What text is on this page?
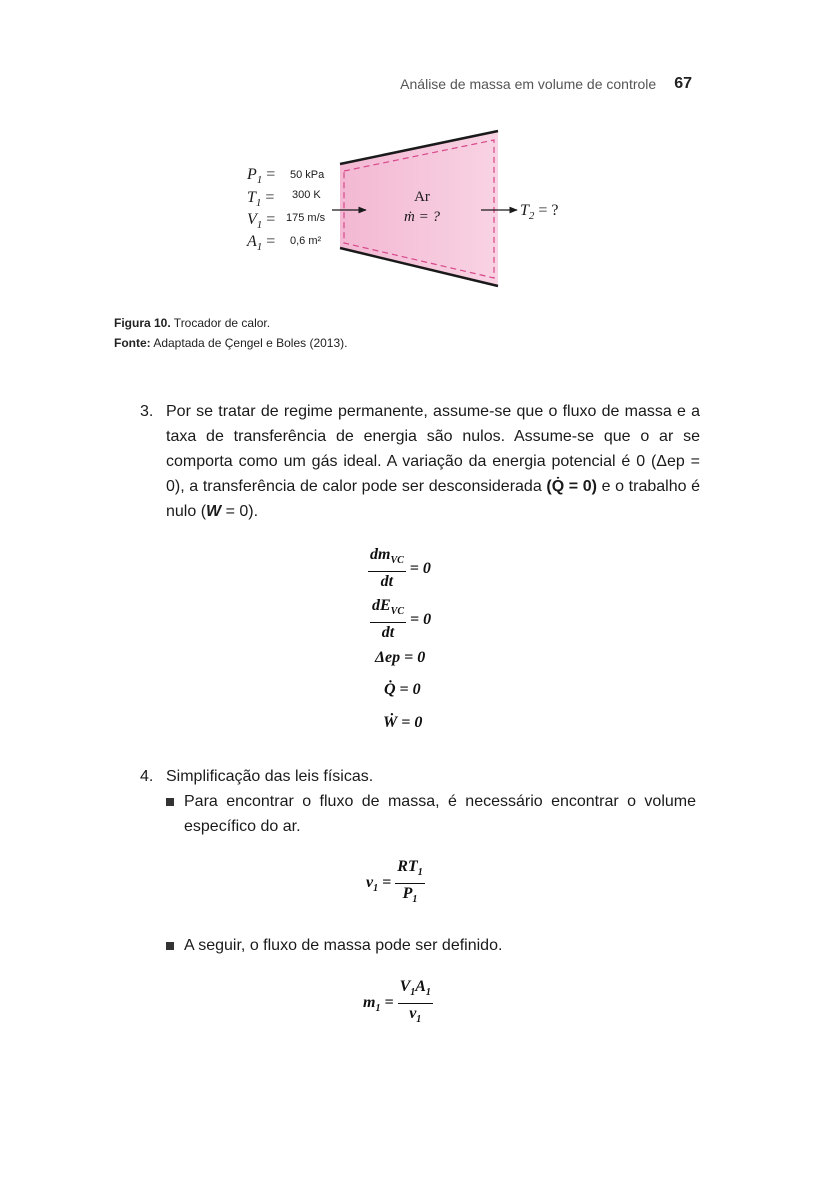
Análise de massa em volume de controle 67
$P_1 = 50$ kPa
$T_1 = 300$ K
$V_1 = 175$ m/s
$A_1 = 0,6$ m²
Ar
ṁ = ?	$T_2$ = ?
Figura 10. Trocador de calor.
Fonte: Adaptada de Çengel e Boles (2013).
3. Por se tratar de regime permanente, assume-se que o fluxo de massa e a taxa de transferência de energia são nulos. Assume-se que o ar se comporta como um gás ideal. A variação da energia potencial é 0 (Δep = 0), a transferência de calor pode ser desconsiderada (Q̇ = 0) e o trabalho é nulo (W = 0).
$\frac{dm_{VC}}{dt} = 0$
$\frac{dE_{VC}}{dt} = 0$
Δep = 0
Q̇ = 0
Ẇ = 0
4. Simplificação das leis físicas.
Para encontrar o fluxo de massa, é necessário encontrar o volume específico do ar.
$v_1 = \frac{RT_1}{P_1}$
A seguir, o fluxo de massa pode ser definido.
$m_1 = \frac{V_1A_1}{v_1}$
